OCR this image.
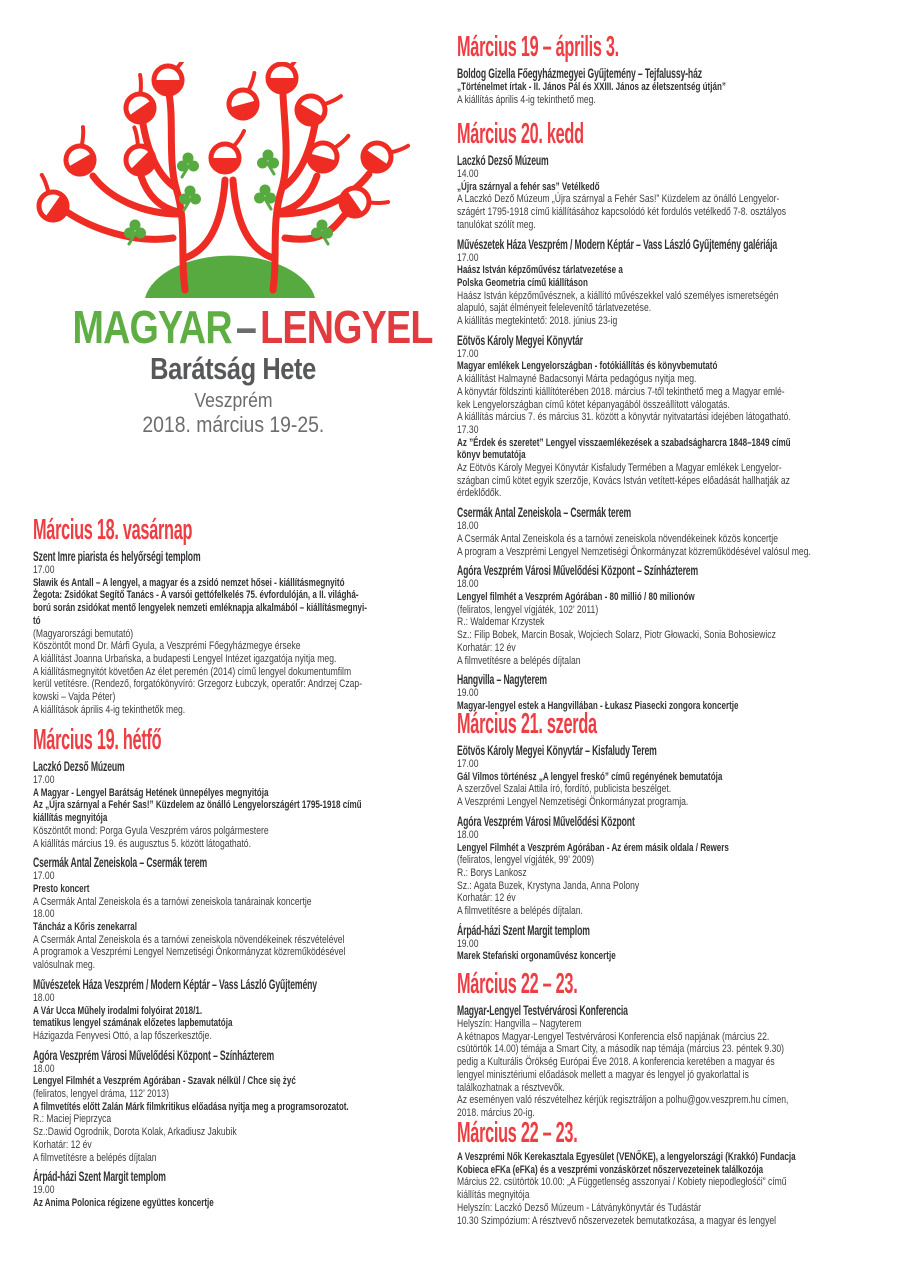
MAGYAR–LENGYEL
Barátság Hete
Veszprém
2018. március 19-25.
Március 18. vasárnap
Szent Imre piarista és helyőrségi templom
17.00
Sławik és Antall – A lengyel, a magyar és a zsidó nemzet hősei - kiállításmegnyitó
Żegota: Zsidókat Segítő Tanács - A varsói gettófelkelés 75. évfordulóján, a II. világhá-
ború során zsidókat mentő lengyelek nemzeti emléknapja alkalmából – kiállításmegnyi-
tó
(Magyarországi bemutató)
Köszöntőt mond Dr. Márfi Gyula, a Veszprémi Főegyházmegye érseke
A kiállítást Joanna Urbańska, a budapesti Lengyel Intézet igazgatója nyitja meg.
A kiállításmegnyitót követően Az élet peremén (2014) című lengyel dokumentumfilm
kerül vetítésre. (Rendező, forgatókönyvíró: Grzegorz Łubczyk, operatőr: Andrzej Czap-
kowski – Vajda Péter)
A kiállítások április 4-ig tekinthetők meg.
Március 19. hétfő
Laczkó Dezső Múzeum
17.00
A Magyar - Lengyel Barátság Hetének ünnepélyes megnyitója
Az „Újra szárnyal a Fehér Sas!” Küzdelem az önálló Lengyelországért 1795-1918 című
kiállítás megnyitója
Köszöntőt mond: Porga Gyula Veszprém város polgármestere
A kiállítás március 19. és augusztus 5. között látogatható.
Csermák Antal Zeneiskola – Csermák terem
17.00
Presto koncert
A Csermák Antal Zeneiskola és a tarnówi zeneiskola tanárainak koncertje
18.00
Táncház a Kőris zenekarral
A Csermák Antal Zeneiskola és a tarnówi zeneiskola növendékeinek részvételével
A programok a Veszprémi Lengyel Nemzetiségi Önkormányzat közreműködésével
valósulnak meg.
Művészetek Háza Veszprém / Modern Képtár – Vass László Gyűjtemény
18.00
A Vár Ucca Műhely irodalmi folyóirat 2018/1.
tematikus lengyel számának előzetes lapbemutatója
Házigazda Fenyvesi Ottó, a lap főszerkesztője.
Agóra Veszprém Városi Művelődési Központ – Színházterem
18.00
Lengyel Filmhét a Veszprém Agórában - Szavak nélkül / Chce się żyć
(feliratos, lengyel dráma, 112’ 2013)
A filmvetítés előtt Zalán Márk filmkritikus előadása nyitja meg a programsorozatot.
R.: Maciej Pieprzyca
Sz.:Dawid Ogrodnik, Dorota Kolak, Arkadiusz Jakubik
Korhatár: 12 év
A filmvetítésre a belépés díjtalan
Árpád-házi Szent Margit templom
19.00
Az Anima Polonica régizene együttes koncertje
Március 19 – április 3.
Boldog Gizella Főegyházmegyei Gyűjtemény – Tejfalussy-ház
„Történelmet írtak - II. János Pál és XXIII. János az életszentség útján”
A kiállítás április 4-ig tekinthető meg.
Március 20. kedd
Laczkó Dezső Múzeum
14.00
„Újra szárnyal a fehér sas” Vetélkedő
A Laczkó Dező Múzeum „Újra szárnyal a Fehér Sas!” Küzdelem az önálló Lengyelor-
szágért 1795-1918 című kiállításához kapcsolódó két fordulós vetélkedő 7-8. osztályos
tanulókat szólít meg.
Művészetek Háza Veszprém / Modern Képtár – Vass László Gyűjtemény galériája
17.00
Haász István képzőművész tárlatvezetése a
Polska Geometria című kiállításon
Haász István képzőművésznek, a kiállító művészekkel való személyes ismeretségén
alapuló, saját élményeit felelevenítő tárlatvezetése.
A kiállítás megtekintető: 2018. június 23-ig
Eötvös Károly Megyei Könyvtár
17.00
Magyar emlékek Lengyelországban - fotókiállítás és könyvbemutató
A kiállítást Halmayné Badacsonyi Márta pedagógus nyitja meg.
A könyvtár földszinti kiállítóterében 2018. március 7-től tekinthető meg a Magyar emlé-
kek Lengyelországban című kötet képanyagából összeállított válogatás.
A kiállítás március 7. és március 31. között a könyvtár nyitvatartási idejében látogatható.
17.30
Az ”Érdek és szeretet” Lengyel visszaemlékezések a szabadságharcra 1848–1849 című
könyv bemutatója
Az Eötvös Károly Megyei Könyvtár Kisfaludy Termében a Magyar emlékek Lengyelor-
szágban című kötet egyik szerzője, Kovács István vetített-képes előadását hallhatják az
érdeklődők.
Csermák Antal Zeneiskola – Csermák terem
18.00
A Csermák Antal Zeneiskola és a tarnówi zeneiskola növendékeinek közös koncertje
A program a Veszprémi Lengyel Nemzetiségi Önkormányzat közreműködésével valósul meg.
Agóra Veszprém Városi Művelődési Központ – Színházterem
18.00
Lengyel filmhét a Veszprém Agórában - 80 millió / 80 milionów
(feliratos, lengyel vígjáték, 102’ 2011)
R.: Waldemar Krzystek
Sz.: Filip Bobek, Marcin Bosak, Wojciech Solarz, Piotr Głowacki, Sonia Bohosiewicz
Korhatár: 12 év
A filmvetítésre a belépés díjtalan
Hangvilla – Nagyterem
19.00
Magyar-lengyel estek a Hangvillában - Łukasz Piasecki zongora koncertje
Március 21. szerda
Eötvös Károly Megyei Könyvtár – Kisfaludy Terem
17.00
Gál Vilmos történész „A lengyel freskó” című regényének bemutatója
A szerzővel Szalai Attila író, fordító, publicista beszélget.
A Veszprémi Lengyel Nemzetiségi Önkormányzat programja.
Agóra Veszprém Városi Művelődési Központ
18.00
Lengyel Filmhét a Veszprém Agórában - Az érem másik oldala / Rewers
(feliratos, lengyel vígjáték, 99’ 2009)
R.: Borys Lankosz
Sz.: Agata Buzek, Krystyna Janda, Anna Polony
Korhatár: 12 év
A filmvetítésre a belépés díjtalan.
Árpád-házi Szent Margit templom
19.00
Marek Stefański orgonaművész koncertje
Március 22 – 23.
Magyar-Lengyel Testvérvárosi Konferencia
Helyszín: Hangvilla – Nagyterem
A kétnapos Magyar-Lengyel Testvérvárosi Konferencia első napjának (március 22.
csütörtök 14.00) témája a Smart City, a második nap témája (március 23. péntek 9.30)
pedig a Kulturális Örökség Európai Éve 2018. A konferencia keretében a magyar és
lengyel minisztériumi előadások mellett a magyar és lengyel jó gyakorlattal is
találkozhatnak a résztvevők.
Az eseményen való részvételhez kérjük regisztráljon a polhu@gov.veszprem.hu címen,
2018. március 20-ig.
Március 22 – 23.
A Veszprémi Nők Kerekasztala Egyesület (VENŐKE), a lengyelországi (Krakkó) Fundacja
Kobieca eFKa (eFKa) és a veszprémi vonzáskörzet nőszervezeteinek találkozója
Március 22. csütörtök 10.00: „A Függetlenség asszonyai / Kobiety niepodległośći” című
kiállítás megnyitója
Helyszín: Laczkó Dezső Múzeum - Látványkönyvtár és Tudástár
10.30 Szimpózium: A résztvevő nőszervezetek bemutatkozása, a magyar és lengyel
